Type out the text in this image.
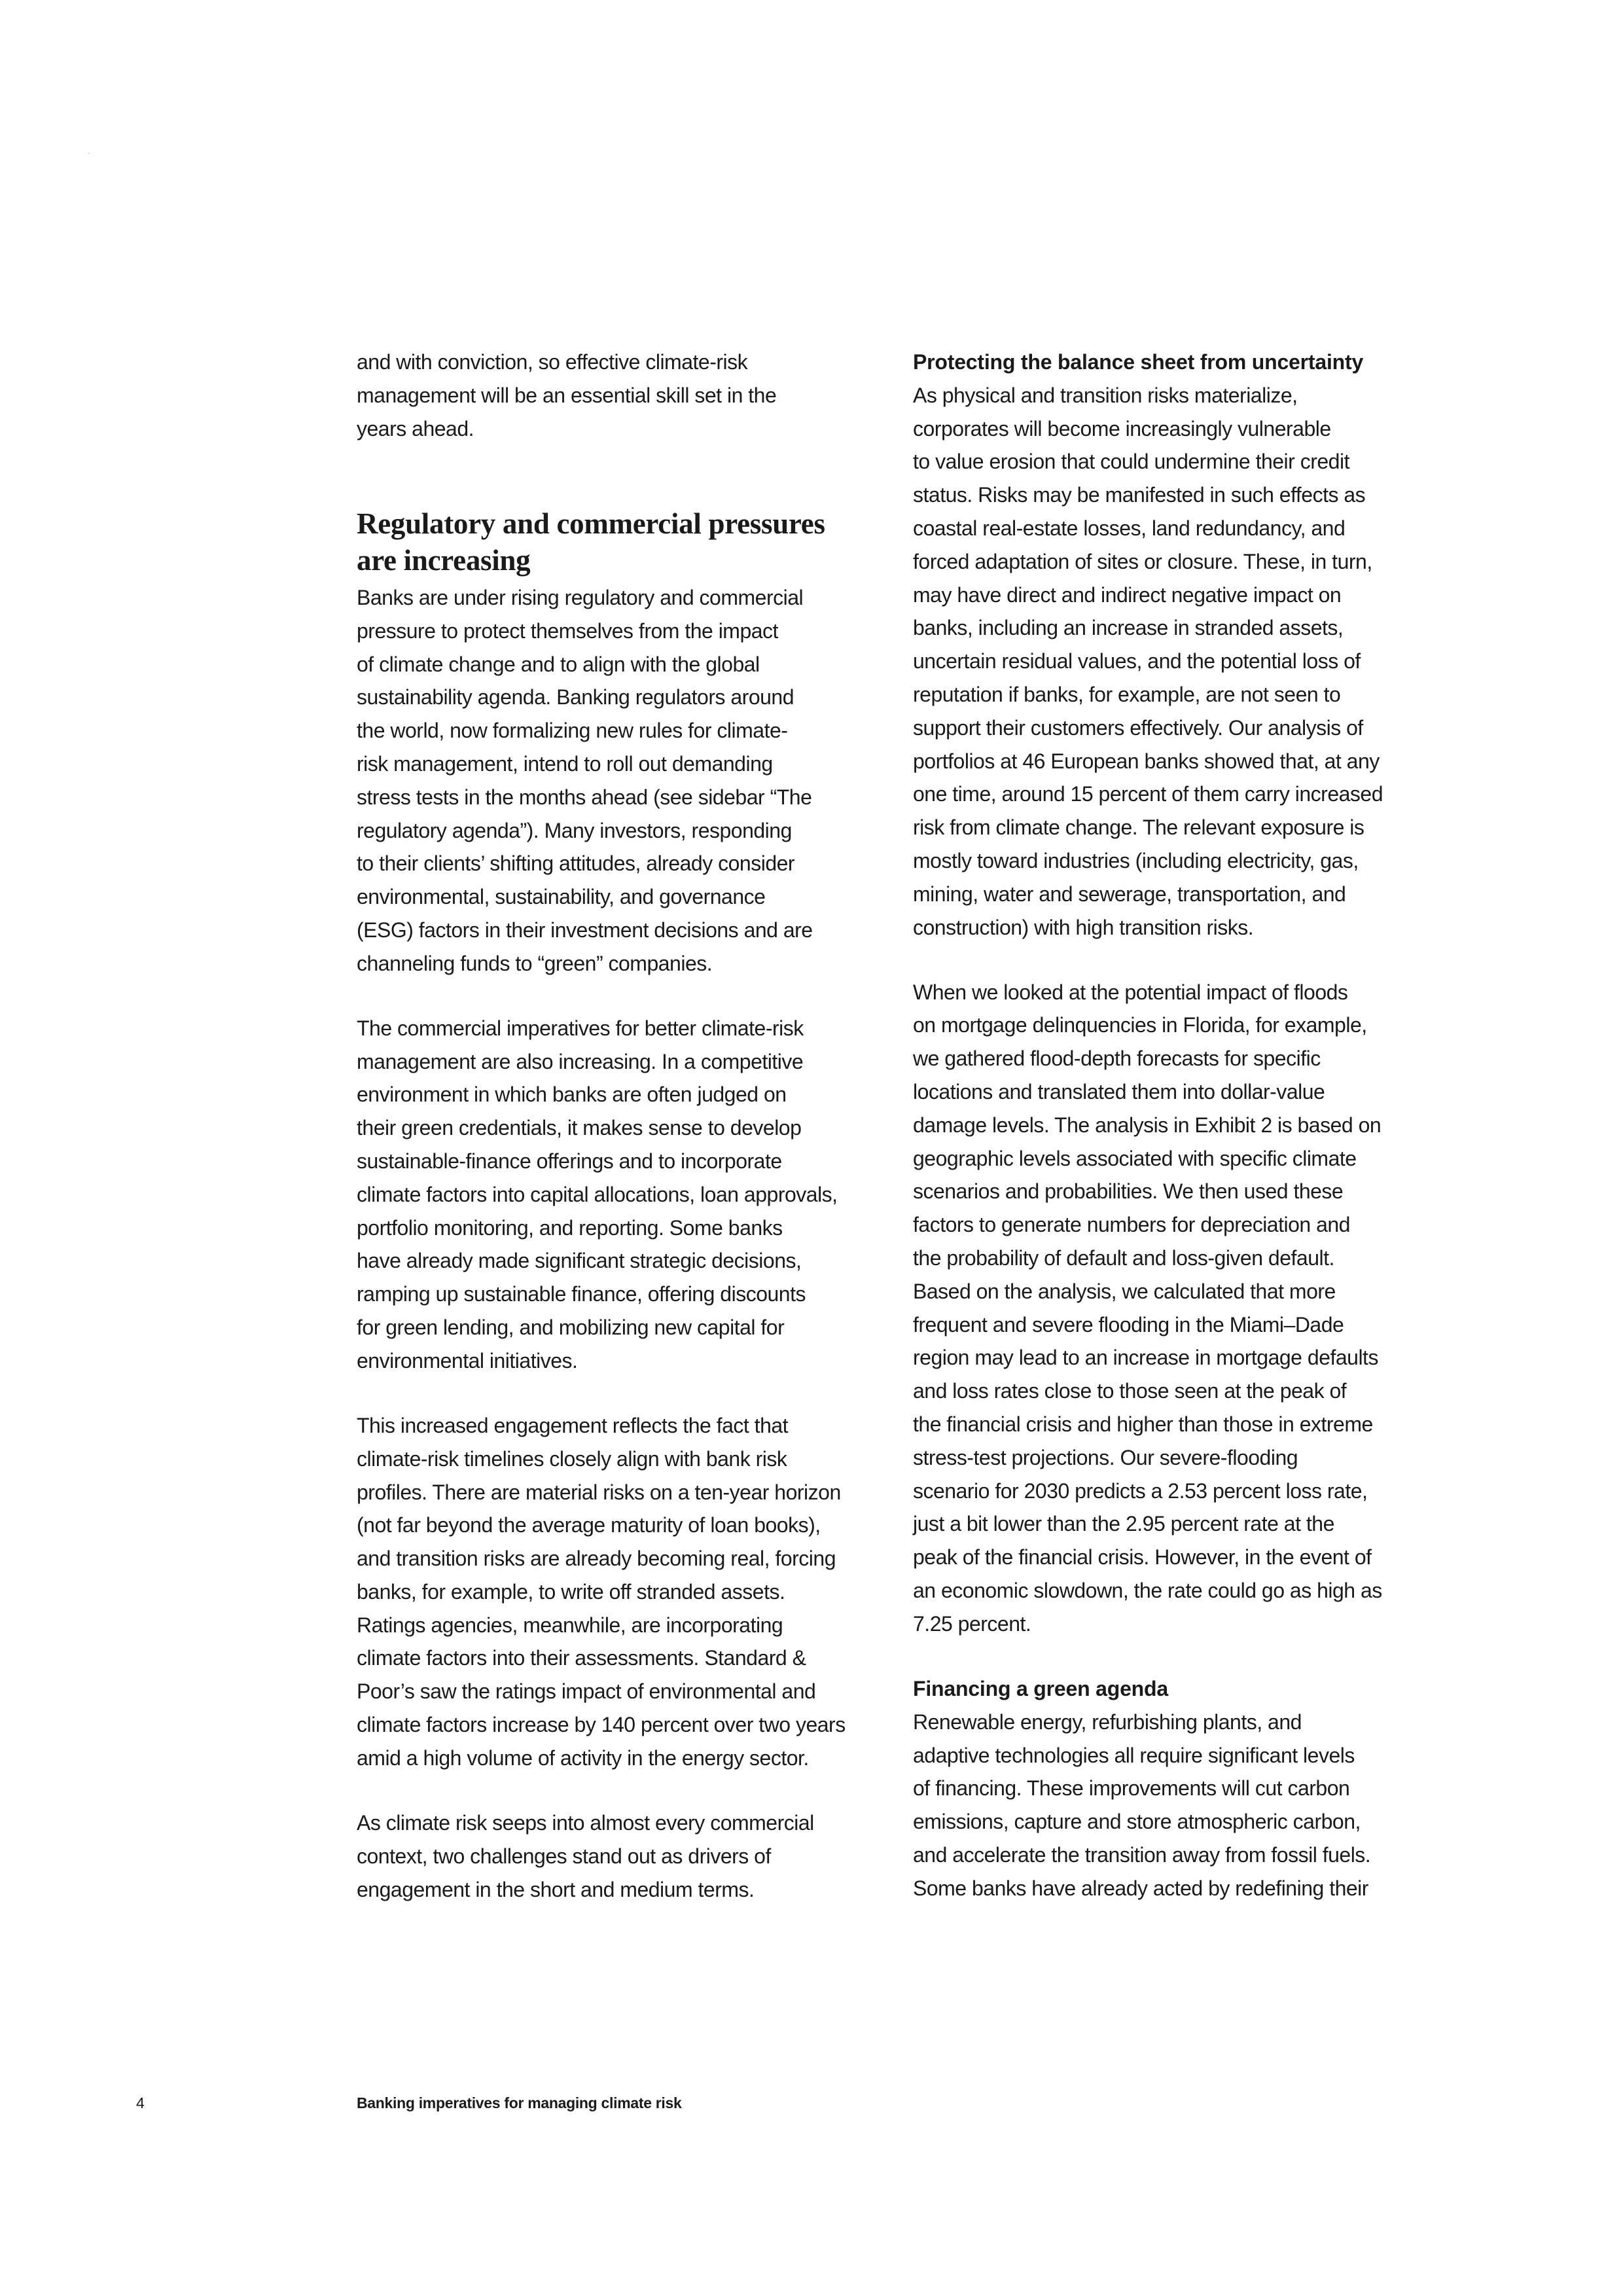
and with conviction, so effective climate-risk
management will be an essential skill set in the
years ahead.
Regulatory and commercial pressures
are increasing
Banks are under rising regulatory and commercial
pressure to protect themselves from the impact
of climate change and to align with the global
sustainability agenda. Banking regulators around
the world, now formalizing new rules for climate-
risk management, intend to roll out demanding
stress tests in the months ahead (see sidebar “The
regulatory agenda”). Many investors, responding
to their clients’ shifting attitudes, already consider
environmental, sustainability, and governance
(ESG) factors in their investment decisions and are
channeling funds to “green” companies.
The commercial imperatives for better climate-risk
management are also increasing. In a competitive
environment in which banks are often judged on
their green credentials, it makes sense to develop
sustainable-finance offerings and to incorporate
climate factors into capital allocations, loan approvals,
portfolio monitoring, and reporting. Some banks
have already made significant strategic decisions,
ramping up sustainable finance, offering discounts
for green lending, and mobilizing new capital for
environmental initiatives.
This increased engagement reflects the fact that
climate-risk timelines closely align with bank risk
profiles. There are material risks on a ten-year horizon
(not far beyond the average maturity of loan books),
and transition risks are already becoming real, forcing
banks, for example, to write off stranded assets.
Ratings agencies, meanwhile, are incorporating
climate factors into their assessments. Standard &
Poor’s saw the ratings impact of environmental and
climate factors increase by 140 percent over two years
amid a high volume of activity in the energy sector.
As climate risk seeps into almost every commercial
context, two challenges stand out as drivers of
engagement in the short and medium terms.
Protecting the balance sheet from uncertainty
As physical and transition risks materialize,
corporates will become increasingly vulnerable
to value erosion that could undermine their credit
status. Risks may be manifested in such effects as
coastal real-estate losses, land redundancy, and
forced adaptation of sites or closure. These, in turn,
may have direct and indirect negative impact on
banks, including an increase in stranded assets,
uncertain residual values, and the potential loss of
reputation if banks, for example, are not seen to
support their customers effectively. Our analysis of
portfolios at 46 European banks showed that, at any
one time, around 15 percent of them carry increased
risk from climate change. The relevant exposure is
mostly toward industries (including electricity, gas,
mining, water and sewerage, transportation, and
construction) with high transition risks.
When we looked at the potential impact of floods
on mortgage delinquencies in Florida, for example,
we gathered flood-depth forecasts for specific
locations and translated them into dollar-value
damage levels. The analysis in Exhibit 2 is based on
geographic levels associated with specific climate
scenarios and probabilities. We then used these
factors to generate numbers for depreciation and
the probability of default and loss-given default.
Based on the analysis, we calculated that more
frequent and severe flooding in the Miami–Dade
region may lead to an increase in mortgage defaults
and loss rates close to those seen at the peak of
the financial crisis and higher than those in extreme
stress-test projections. Our severe-flooding
scenario for 2030 predicts a 2.53 percent loss rate,
just a bit lower than the 2.95 percent rate at the
peak of the financial crisis. However, in the event of
an economic slowdown, the rate could go as high as
7.25 percent.
Financing a green agenda
Renewable energy, refurbishing plants, and
adaptive technologies all require significant levels
of financing. These improvements will cut carbon
emissions, capture and store atmospheric carbon,
and accelerate the transition away from fossil fuels.
Some banks have already acted by redefining their
4	Banking imperatives for managing climate risk
